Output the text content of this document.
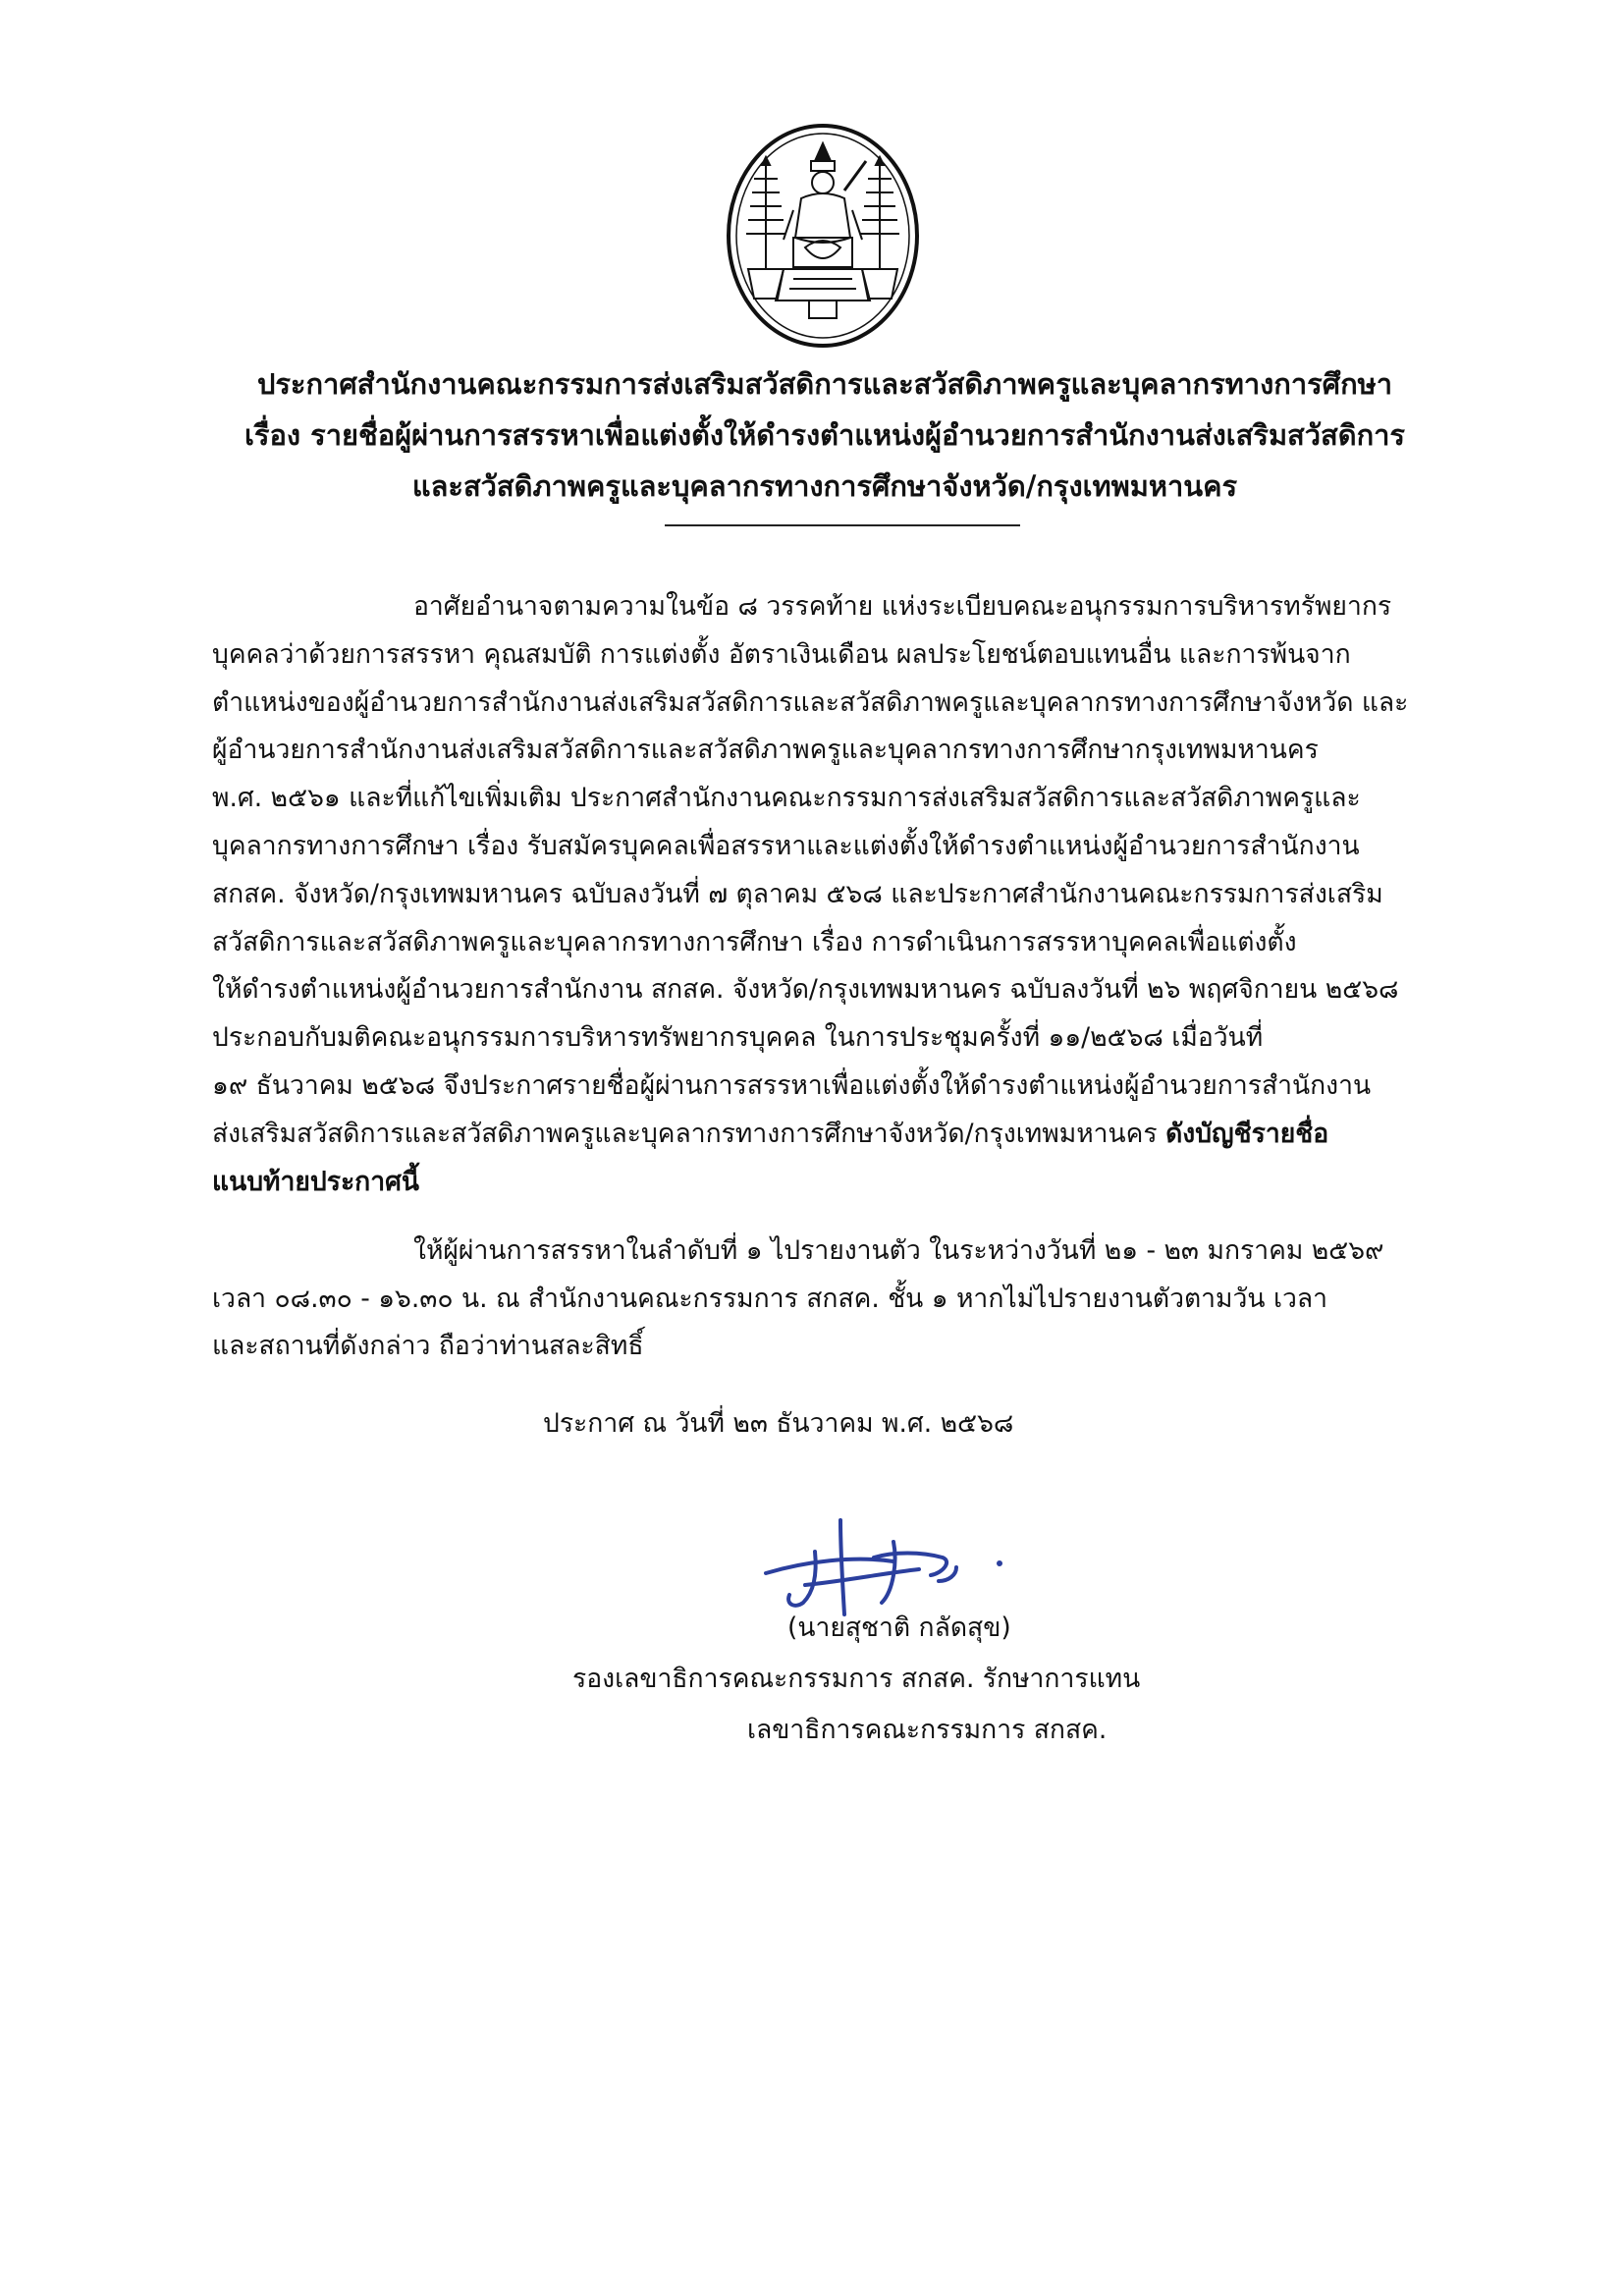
ประกาศสำนักงานคณะกรรมการส่งเสริมสวัสดิการและสวัสดิภาพครูและบุคลากรทางการศึกษา
เรื่อง รายชื่อผู้ผ่านการสรรหาเพื่อแต่งตั้งให้ดำรงตำแหน่งผู้อำนวยการสำนักงานส่งเสริมสวัสดิการ
และสวัสดิภาพครูและบุคลากรทางการศึกษาจังหวัด/กรุงเทพมหานคร
อาศัยอำนาจตามความในข้อ ๘ วรรคท้าย แห่งระเบียบคณะอนุกรรมการบริหารทรัพยากร
บุคคลว่าด้วยการสรรหา คุณสมบัติ การแต่งตั้ง อัตราเงินเดือน ผลประโยชน์ตอบแทนอื่น และการพ้นจาก
ตำแหน่งของผู้อำนวยการสำนักงานส่งเสริมสวัสดิการและสวัสดิภาพครูและบุคลากรทางการศึกษาจังหวัด และ
ผู้อำนวยการสำนักงานส่งเสริมสวัสดิการและสวัสดิภาพครูและบุคลากรทางการศึกษากรุงเทพมหานคร
พ.ศ. ๒๕๖๑ และที่แก้ไขเพิ่มเติม ประกาศสำนักงานคณะกรรมการส่งเสริมสวัสดิการและสวัสดิภาพครูและ
บุคลากรทางการศึกษา เรื่อง รับสมัครบุคคลเพื่อสรรหาและแต่งตั้งให้ดำรงตำแหน่งผู้อำนวยการสำนักงาน
สกสค. จังหวัด/กรุงเทพมหานคร ฉบับลงวันที่ ๗ ตุลาคม ๕๖๘ และประกาศสำนักงานคณะกรรมการส่งเสริม
สวัสดิการและสวัสดิภาพครูและบุคลากรทางการศึกษา เรื่อง การดำเนินการสรรหาบุคคลเพื่อแต่งตั้ง
ให้ดำรงตำแหน่งผู้อำนวยการสำนักงาน สกสค. จังหวัด/กรุงเทพมหานคร ฉบับลงวันที่ ๒๖ พฤศจิกายน ๒๕๖๘
ประกอบกับมติคณะอนุกรรมการบริหารทรัพยากรบุคคล ในการประชุมครั้งที่ ๑๑/๒๕๖๘ เมื่อวันที่
๑๙ ธันวาคม ๒๕๖๘ จึงประกาศรายชื่อผู้ผ่านการสรรหาเพื่อแต่งตั้งให้ดำรงตำแหน่งผู้อำนวยการสำนักงาน
ส่งเสริมสวัสดิการและสวัสดิภาพครูและบุคลากรทางการศึกษาจังหวัด/กรุงเทพมหานคร ดังบัญชีรายชื่อ
แนบท้ายประกาศนี้
ให้ผู้ผ่านการสรรหาในลำดับที่ ๑ ไปรายงานตัว ในระหว่างวันที่ ๒๑ - ๒๓ มกราคม ๒๕๖๙
เวลา ๐๘.๓๐ - ๑๖.๓๐ น. ณ สำนักงานคณะกรรมการ สกสค. ชั้น ๑ หากไม่ไปรายงานตัวตามวัน เวลา
และสถานที่ดังกล่าว ถือว่าท่านสละสิทธิ์
ประกาศ ณ วันที่ ๒๓ ธันวาคม พ.ศ. ๒๕๖๘
(นายสุชาติ กลัดสุข)
รองเลขาธิการคณะกรรมการ สกสค. รักษาการแทน
เลขาธิการคณะกรรมการ สกสค.
